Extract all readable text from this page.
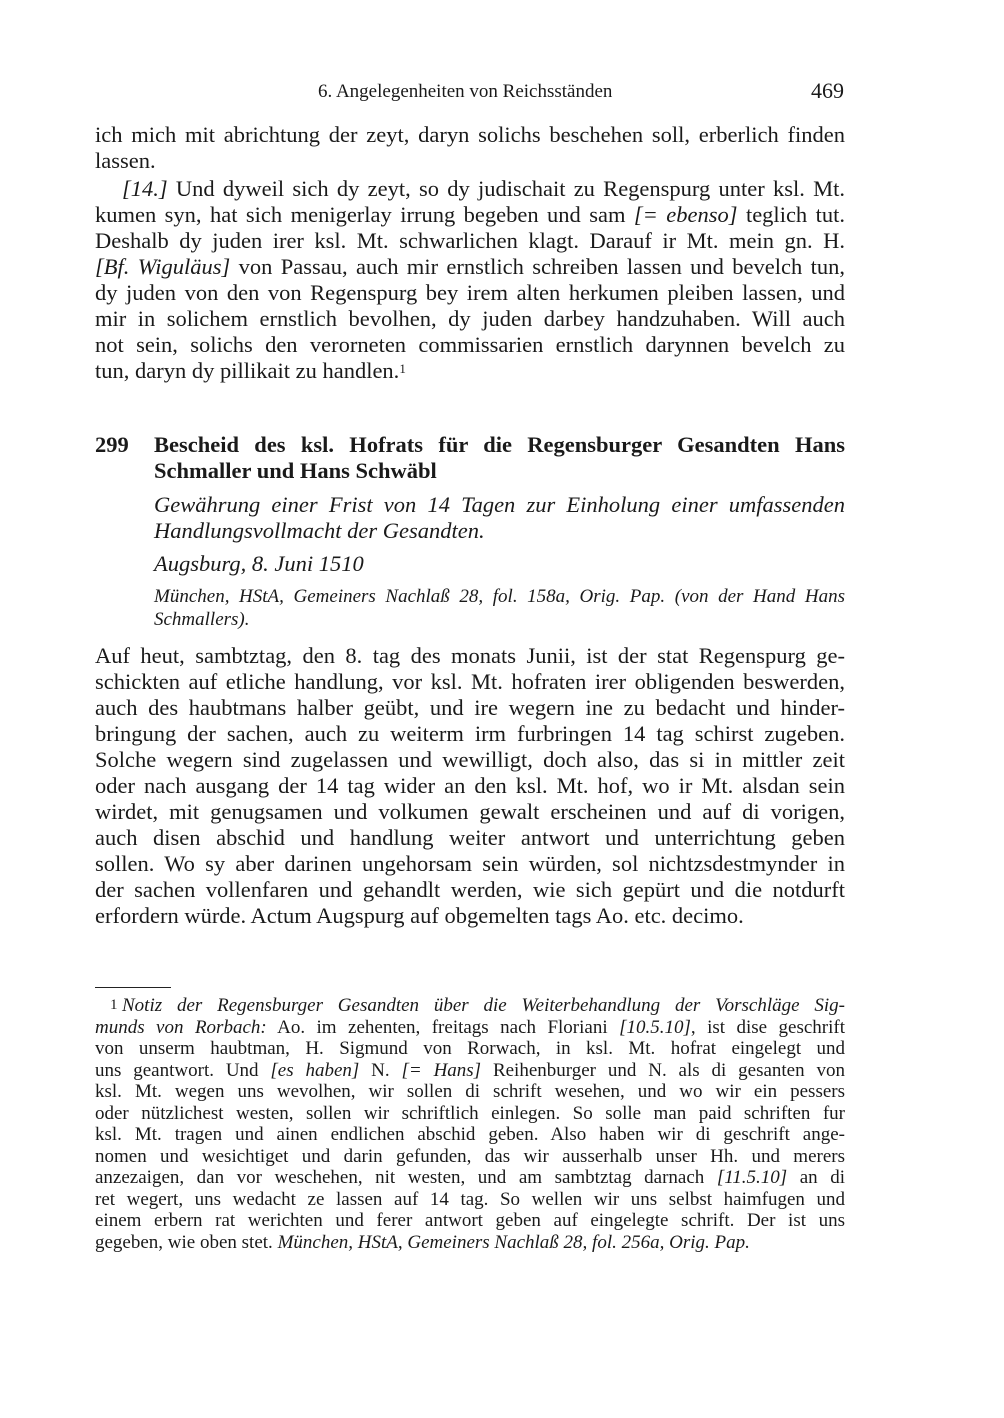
6. Angelegenheiten von Reichsständen	469
ich mich mit abrichtung der zeyt, daryn solichs beschehen soll, erberlich finden
lassen.
[14.] Und dyweil sich dy zeyt, so dy judischait zu Regenspurg unter ksl. Mt.
kumen syn, hat sich menigerlay irrung begeben und sam [= ebenso] teglich tut.
Deshalb dy juden irer ksl. Mt. schwarlichen klagt. Darauf ir Mt. mein gn. H.
[Bf. Wiguläus] von Passau, auch mir ernstlich schreiben lassen und bevelch tun,
dy juden von den von Regenspurg bey irem alten herkumen pleiben lassen, und
mir in solichem ernstlich bevolhen, dy juden darbey handzuhaben. Will auch
not sein, solichs den verorneten commissarien ernstlich darynnen bevelch zu
tun, daryn dy pillikait zu handlen.$^1$
299 Bescheid des ksl. Hofrats für die Regensburger Gesandten Hans
Schmaller und Hans Schwäbl
Gewährung einer Frist von 14 Tagen zur Einholung einer umfassenden
Handlungsvollmacht der Gesandten.
Augsburg, 8. Juni 1510
München, HStA, Gemeiners Nachlaß 28, fol. 158a, Orig. Pap. (von der Hand Hans
Schmallers).
Auf heut, sambtztag, den 8. tag des monats Junii, ist der stat Regenspurg ge-
schickten auf etliche handlung, vor ksl. Mt. hofraten irer obligenden beswerden,
auch des haubtmans halber geübt, und ire wegern ine zu bedacht und hinder-
bringung der sachen, auch zu weiterm irm furbringen 14 tag schirst zugeben.
Solche wegern sind zugelassen und wewilligt, doch also, das si in mittler zeit
oder nach ausgang der 14 tag wider an den ksl. Mt. hof, wo ir Mt. alsdan sein
wirdet, mit genugsamen und volkumen gewalt erscheinen und auf di vorigen,
auch disen abschid und handlung weiter antwort und unterrichtung geben
sollen. Wo sy aber darinen ungehorsam sein würden, sol nichtzsdestmynder in
der sachen vollenfaren und gehandlt werden, wie sich gepürt und die notdurft
erfordern würde. Actum Augspurg auf obgemelten tags Ao. etc. decimo.
1 Notiz der Regensburger Gesandten über die Weiterbehandlung der Vorschläge Sig-
munds von Rorbach: Ao. im zehenten, freitags nach Floriani [10.5.10], ist dise geschrift
von unserm haubtman, H. Sigmund von Rorwach, in ksl. Mt. hofrat eingelegt und
uns geantwort. Und [es haben] N. [= Hans] Reihenburger und N. als di gesanten von
ksl. Mt. wegen uns wevolhen, wir sollen di schrift wesehen, und wo wir ein pessers
oder nützlichest westen, sollen wir schriftlich einlegen. So solle man paid schriften fur
ksl. Mt. tragen und ainen endlichen abschid geben. Also haben wir di geschrift ange-
nomen und wesichtiget und darin gefunden, das wir ausserhalb unser Hh. und merers
anzezaigen, dan vor weschehen, nit westen, und am sambtztag darnach [11.5.10] an di
ret wegert, uns wedacht ze lassen auf 14 tag. So wellen wir uns selbst haimfugen und
einem erbern rat werichten und ferer antwort geben auf eingelegte schrift. Der ist uns
gegeben, wie oben stet. München, HStA, Gemeiners Nachlaß 28, fol. 256a, Orig. Pap.
